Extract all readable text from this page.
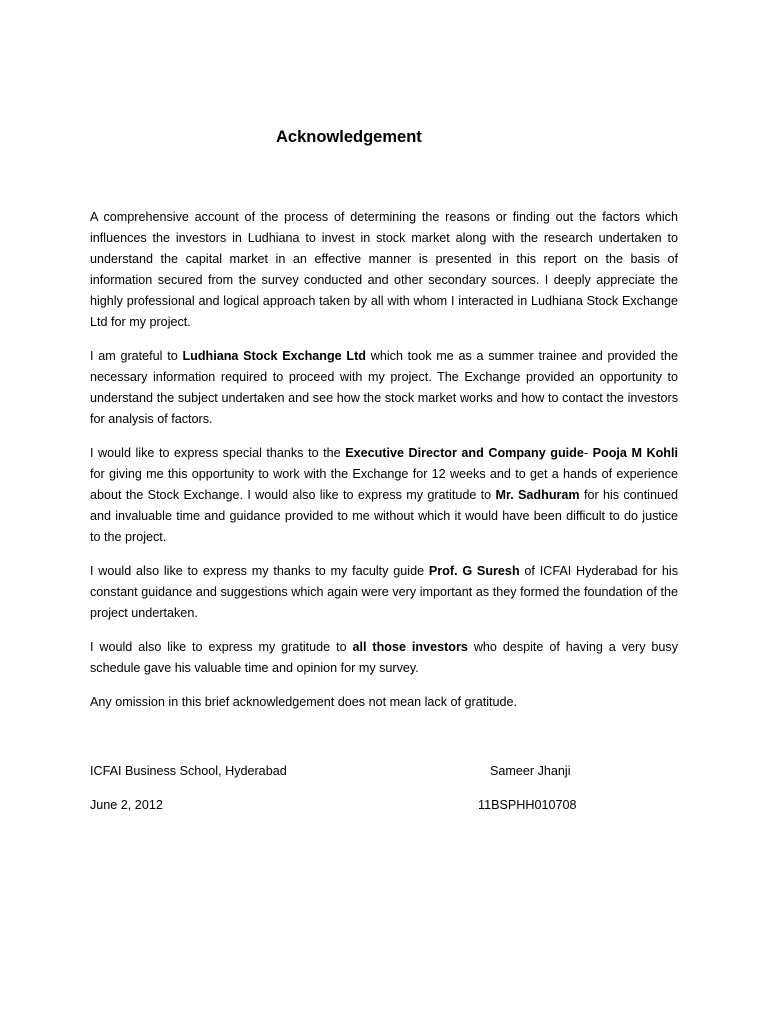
Acknowledgement

A comprehensive account of the process of determining the reasons or finding out the factors which influences the investors in Ludhiana to invest in stock market along with the research undertaken to understand the capital market in an effective manner is presented in this report on the basis of information secured from the survey conducted and other secondary sources. I deeply appreciate the highly professional and logical approach taken by all with whom I interacted in Ludhiana Stock Exchange Ltd for my project.

I am grateful to Ludhiana Stock Exchange Ltd which took me as a summer trainee and provided the necessary information required to proceed with my project. The Exchange provided an opportunity to understand the subject undertaken and see how the stock market works and how to contact the investors for analysis of factors.

I would like to express special thanks to the Executive Director and Company guide- Pooja M Kohli for giving me this opportunity to work with the Exchange for 12 weeks and to get a hands of experience about the Stock Exchange. I would also like to express my gratitude to Mr. Sadhuram for his continued and invaluable time and guidance provided to me without which it would have been difficult to do justice to the project.

I would also like to express my thanks to my faculty guide Prof. G Suresh of ICFAI Hyderabad for his constant guidance and suggestions which again were very important as they formed the foundation of the project undertaken.

I would also like to express my gratitude to all those investors who despite of having a very busy schedule gave his valuable time and opinion for my survey.

Any omission in this brief acknowledgement does not mean lack of gratitude.

ICFAI Business School, Hyderabad
June 2, 2012
Sameer Jhanji
11BSPHH010708
